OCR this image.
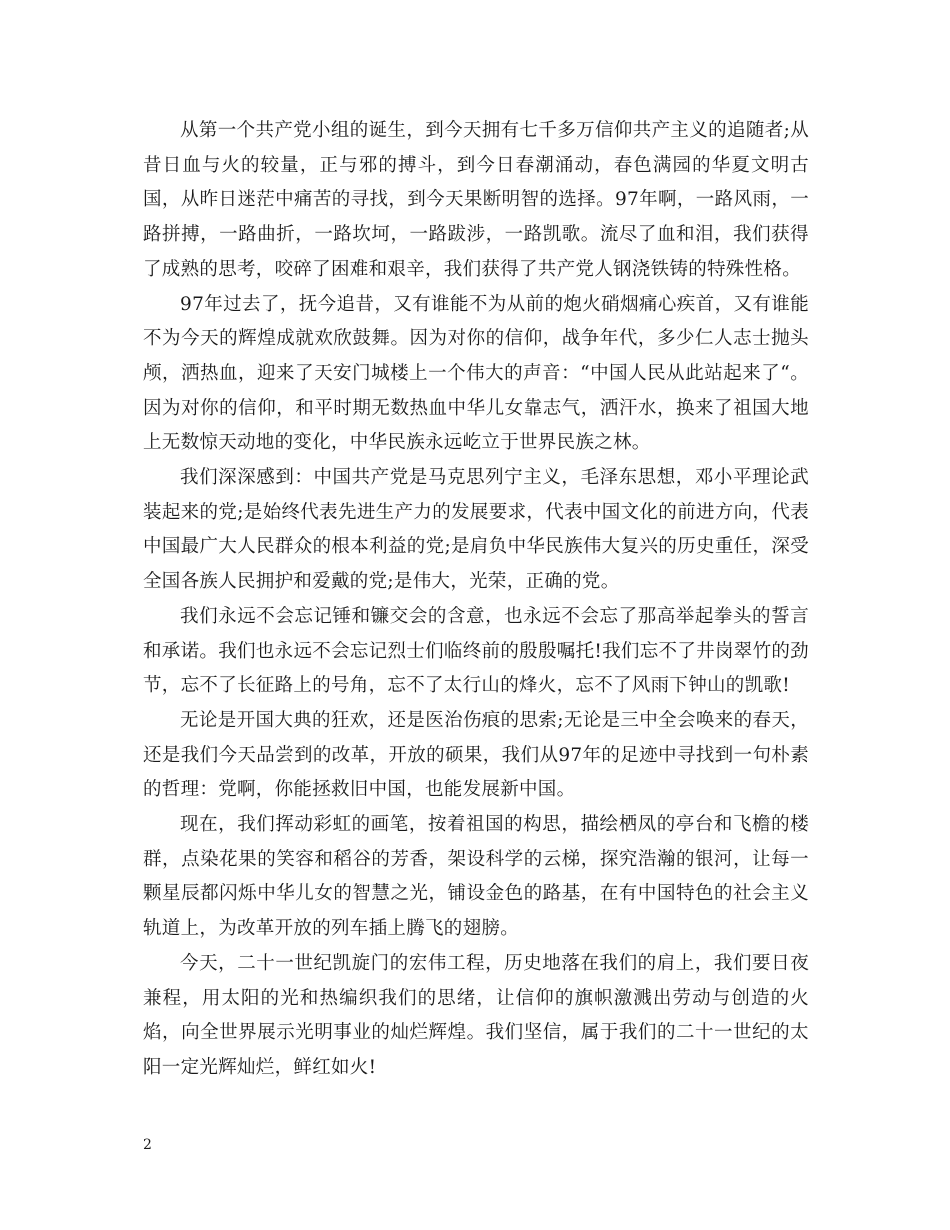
从第一个共产党小组的诞生，到今天拥有七千多万信仰共产主义的追随者;从昔日血与火的较量，正与邪的搏斗，到今日春潮涌动，春色满园的华夏文明古国，从昨日迷茫中痛苦的寻找，到今天果断明智的选择。97年啊，一路风雨，一路拼搏，一路曲折，一路坎坷，一路跋涉，一路凯歌。流尽了血和泪，我们获得了成熟的思考，咬碎了困难和艰辛，我们获得了共产党人钢浇铁铸的特殊性格。

97年过去了，抚今追昔，又有谁能不为从前的炮火硝烟痛心疾首，又有谁能不为今天的辉煌成就欢欣鼓舞。因为对你的信仰，战争年代，多少仁人志士抛头颅，洒热血，迎来了天安门城楼上一个伟大的声音：“中国人民从此站起来了“。因为对你的信仰，和平时期无数热血中华儿女靠志气，洒汗水，换来了祖国大地上无数惊天动地的变化，中华民族永远屹立于世界民族之林。

我们深深感到：中国共产党是马克思列宁主义，毛泽东思想，邓小平理论武装起来的党;是始终代表先进生产力的发展要求，代表中国文化的前进方向，代表中国最广大人民群众的根本利益的党;是肩负中华民族伟大复兴的历史重任，深受全国各族人民拥护和爱戴的党;是伟大，光荣，正确的党。

我们永远不会忘记锤和镰交会的含意，也永远不会忘了那高举起拳头的誓言和承诺。我们也永远不会忘记烈士们临终前的殷殷嘱托!我们忘不了井岗翠竹的劲节，忘不了长征路上的号角，忘不了太行山的烽火，忘不了风雨下钟山的凯歌!

无论是开国大典的狂欢，还是医治伤痕的思索;无论是三中全会唤来的春天，还是我们今天品尝到的改革，开放的硕果，我们从97年的足迹中寻找到一句朴素的哲理：党啊，你能拯救旧中国，也能发展新中国。

现在，我们挥动彩虹的画笔，按着祖国的构思，描绘栖凤的亭台和飞檐的楼群，点染花果的笑容和稻谷的芳香，架设科学的云梯，探究浩瀚的银河，让每一颗星辰都闪烁中华儿女的智慧之光，铺设金色的路基，在有中国特色的社会主义轨道上，为改革开放的列车插上腾飞的翅膀。

今天，二十一世纪凯旋门的宏伟工程，历史地落在我们的肩上，我们要日夜兼程，用太阳的光和热编织我们的思绪，让信仰的旗帜激溅出劳动与创造的火焰，向全世界展示光明事业的灿烂辉煌。我们坚信，属于我们的二十一世纪的太阳一定光辉灿烂，鲜红如火!

2
